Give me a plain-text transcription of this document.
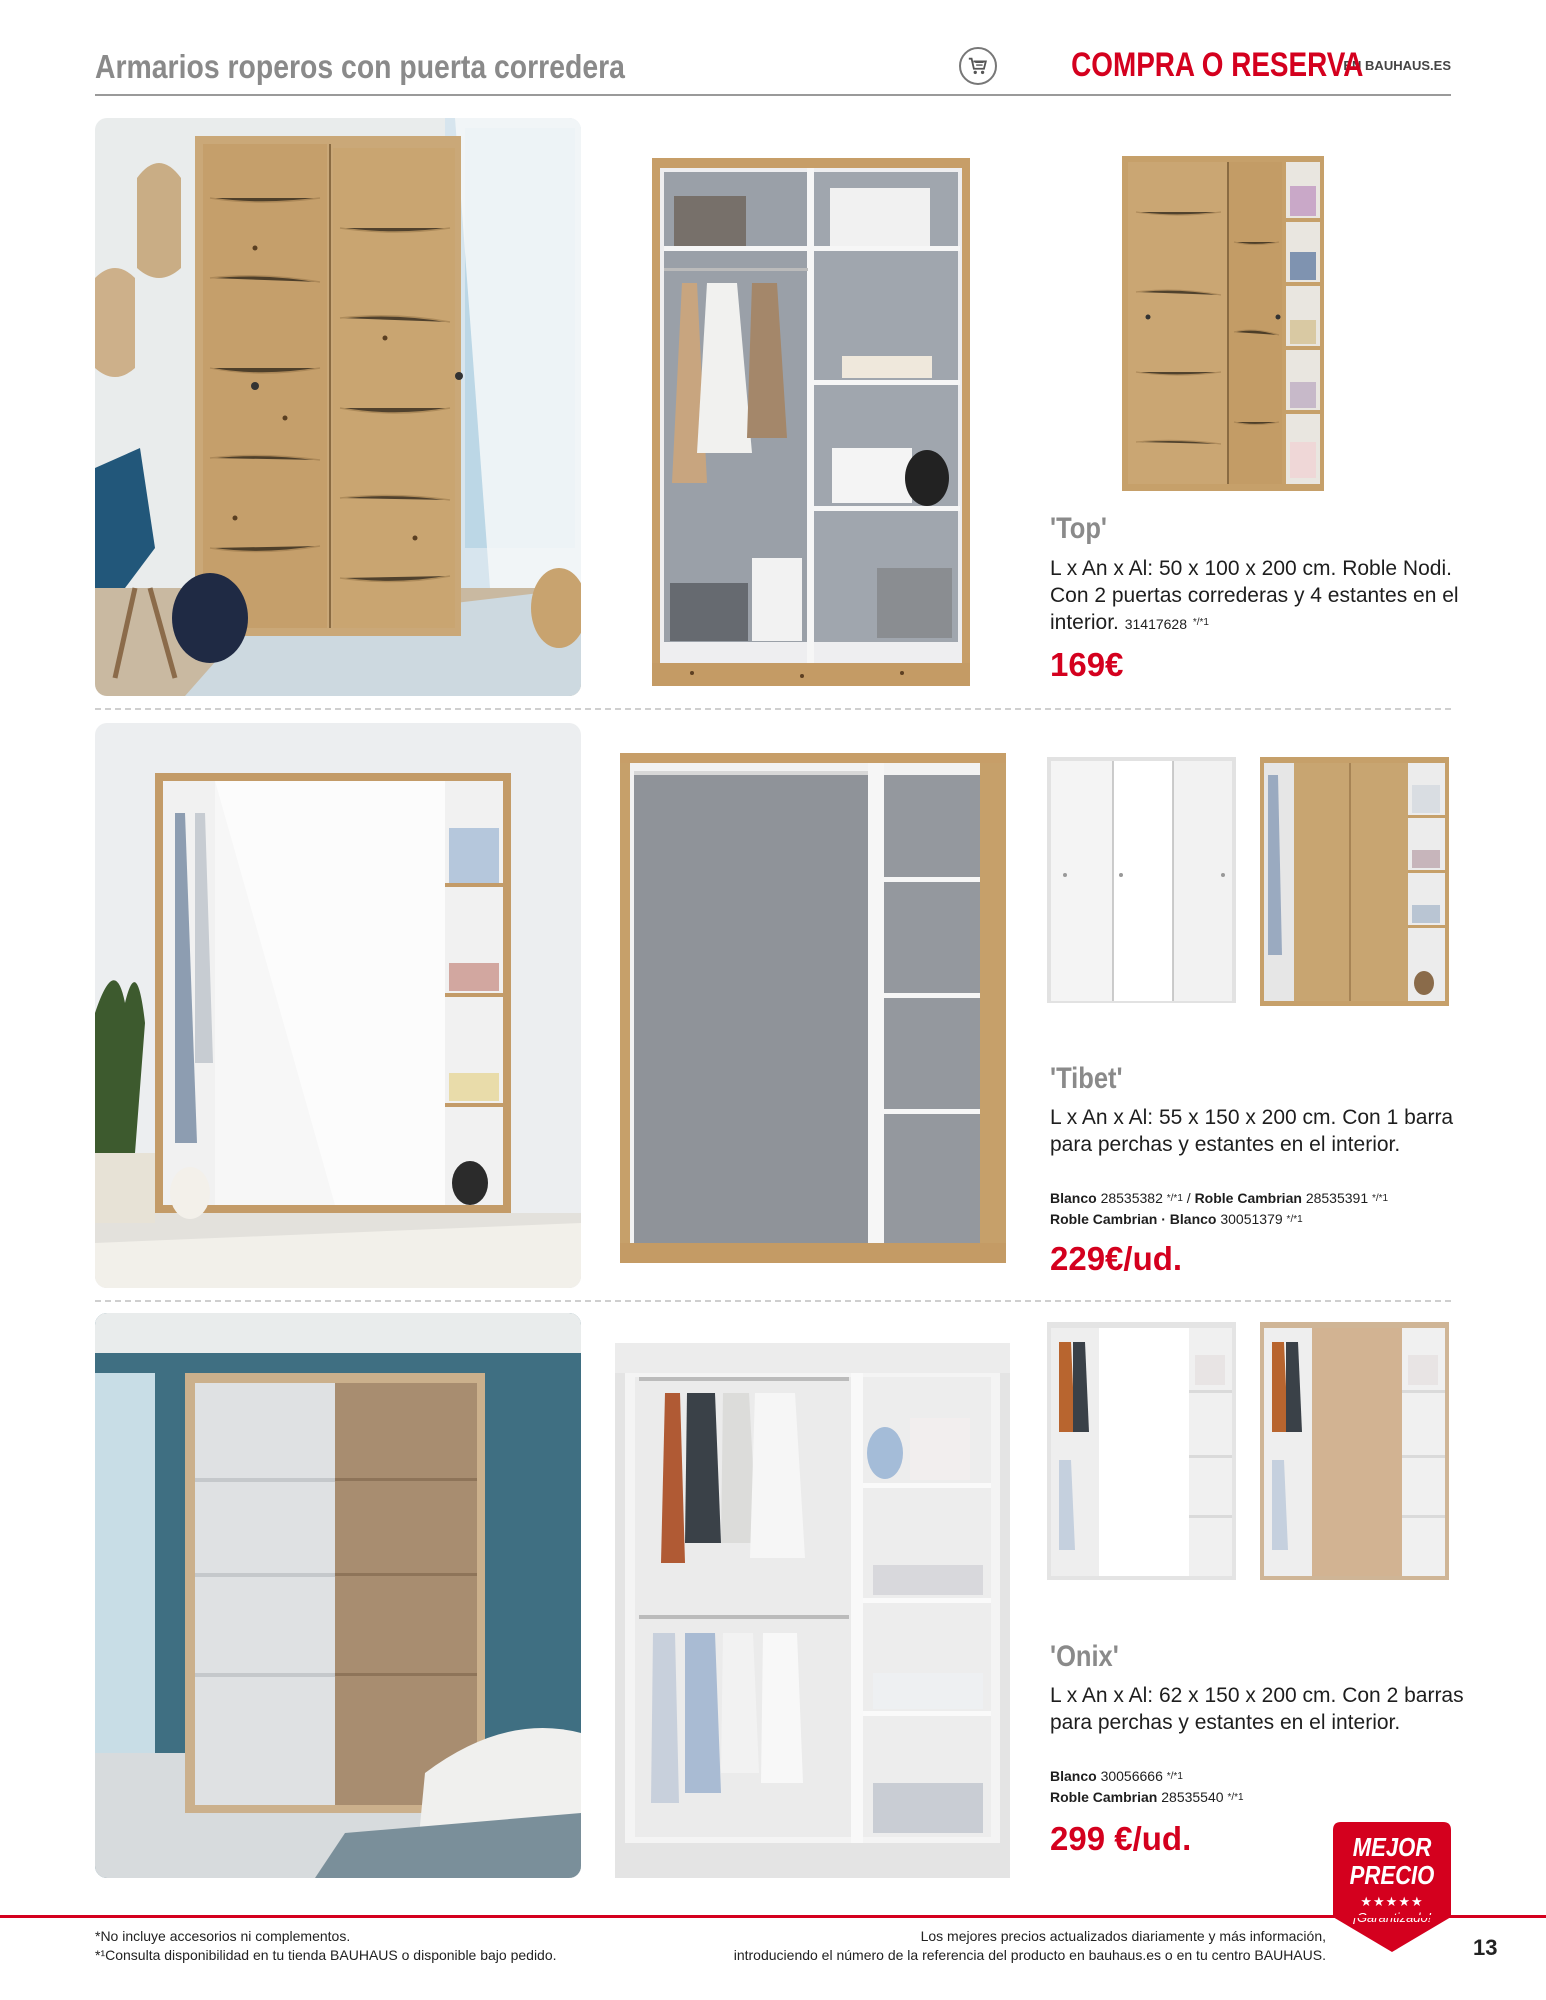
Armarios roperos con puerta corredera	COMPRA O RESERVA
EN BAUHAUS.ES
'Top'
L x An x Al: 50 x 100 x 200 cm. Roble Nodi. Con 2 puertas correderas y 4 estantes en el interior. 31417628 $^{*/*1}$
169€
'Tibet'
L x An x Al: 55 x 150 x 200 cm. Con 1 barra para perchas y estantes en el interior.
Blanco 28535382 $^{*/*1}$ / Roble Cambrian 28535391 $^{*/*1}$
Roble Cambrian · Blanco 30051379 $^{*/*1}$
229€/ud.
'Onix'
L x An x Al: 62 x 150 x 200 cm. Con 2 barras para perchas y estantes en el interior.
Blanco 30056666 $^{*/*1}$
Roble Cambrian 28535540 $^{*/*1}$
299 €/ud.	MEJOR
PRECIO
★★★★★
*No incluye accesorios ni complementos.
*¹Consulta disponibilidad en tu tienda BAUHAUS o disponible bajo pedido.
Los mejores precios actualizados diariamente y más información,
introduciendo el número de la referencia del producto en bauhaus.es o en tu centro BAUHAUS.	13
